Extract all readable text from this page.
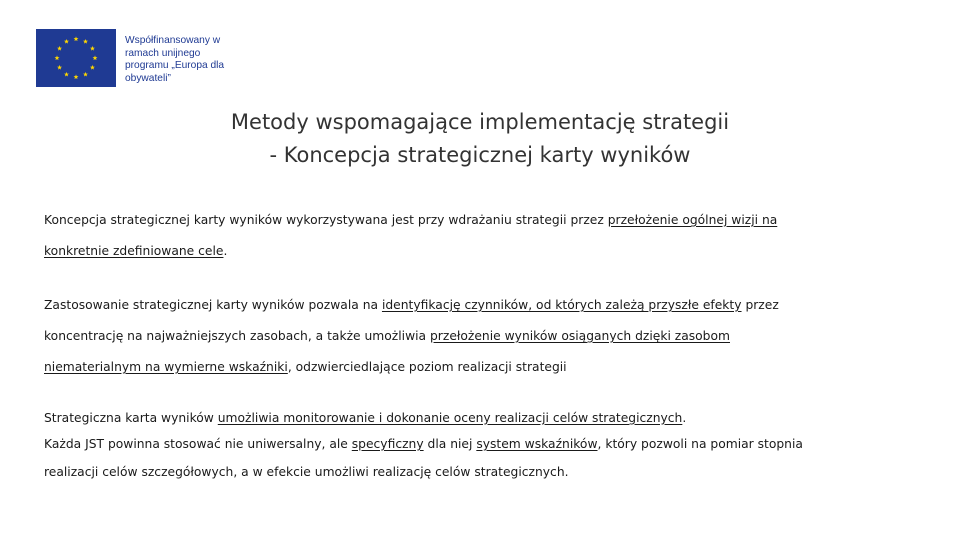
Współfinansowany w
ramach unijnego
programu „Europa dla
obywateli”
Metody wspomagające implementację strategii
- Koncepcja strategicznej karty wyników
Koncepcja strategicznej karty wyników wykorzystywana jest przy wdrażaniu strategii przez przełożenie ogólnej wizji na
konkretnie zdefiniowane cele.
Zastosowanie strategicznej karty wyników pozwala na identyfikację czynników, od których zależą przyszłe efekty przez
koncentrację na najważniejszych zasobach, a także umożliwia przełożenie wyników osiąganych dzięki zasobom
niematerialnym na wymierne wskaźniki, odzwierciedlające poziom realizacji strategii
Strategiczna karta wyników umożliwia monitorowanie i dokonanie oceny realizacji celów strategicznych.
Każda JST powinna stosować nie uniwersalny, ale specyficzny dla niej system wskaźników, który pozwoli na pomiar stopnia
realizacji celów szczegółowych, a w efekcie umożliwi realizację celów strategicznych.
